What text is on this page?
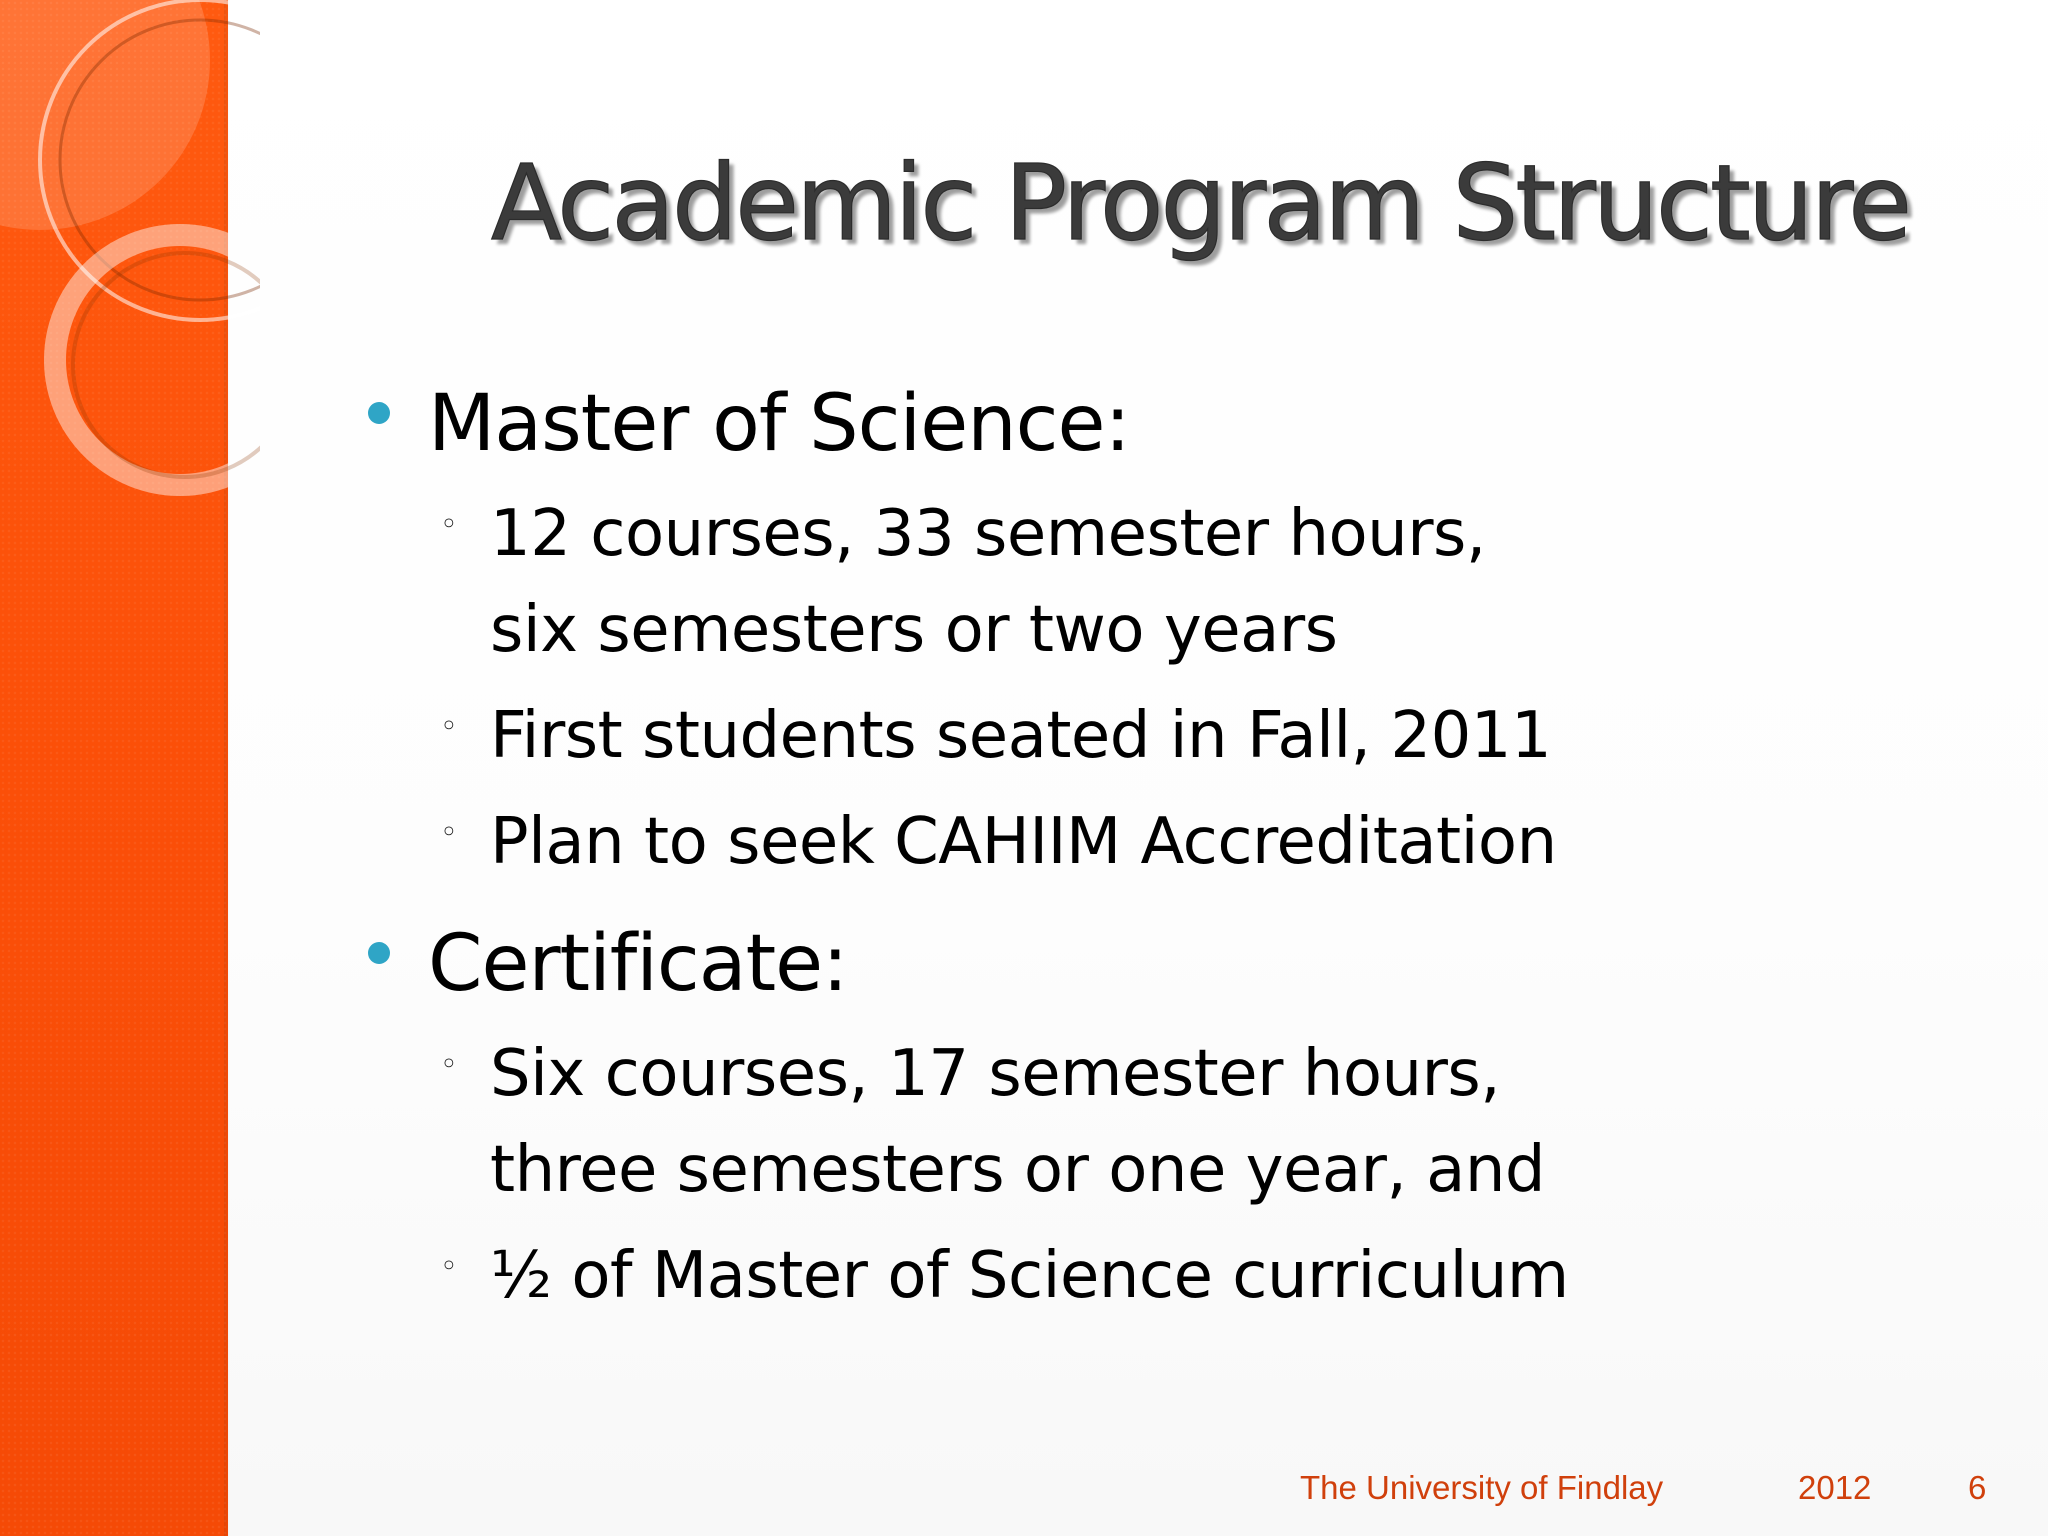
Academic Program Structure
Master of Science:
◦ 12 courses, 33 semester hours,
six semesters or two years
◦ First students seated in Fall, 2011
◦ Plan to seek CAHIIM Accreditation
Certificate:
◦ Six courses, 17 semester hours,
three semesters or one year, and
◦ ½ of Master of Science curriculum
The University of Findlay	2012	6
